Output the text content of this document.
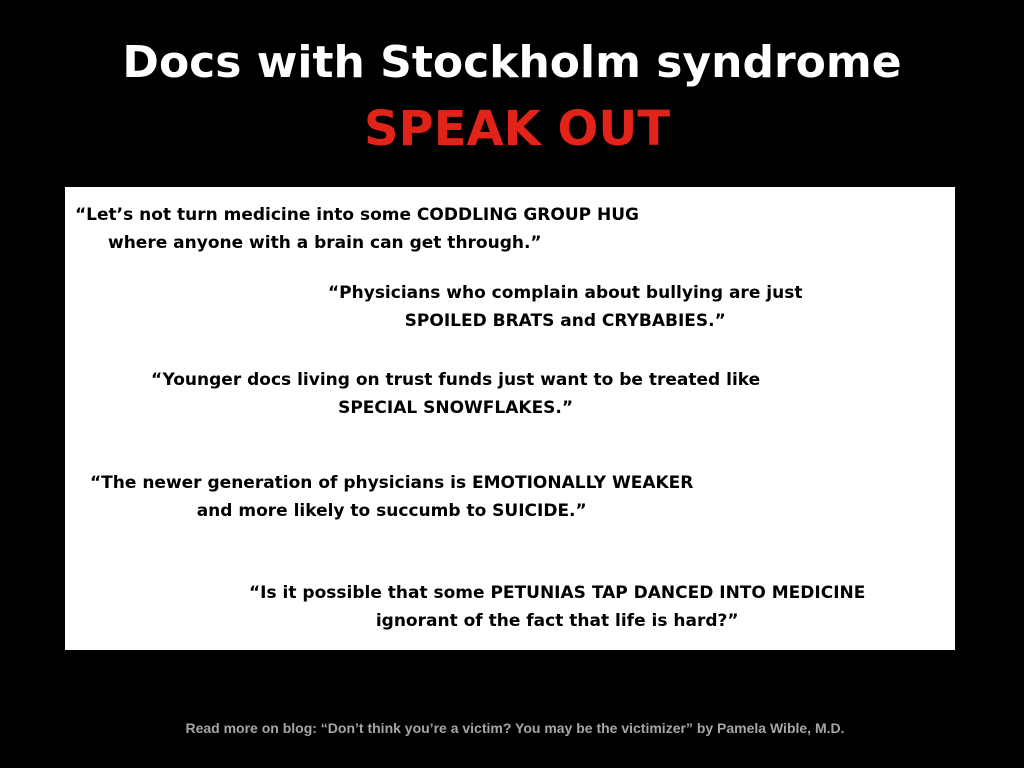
Docs with Stockholm syndrome
SPEAK OUT

“Let’s not turn medicine into some CODDLING GROUP HUG
where anyone with a brain can get through.”

“Physicians who complain about bullying are just
SPOILED BRATS and CRYBABIES.”

“Younger docs living on trust funds just want to be treated like
SPECIAL SNOWFLAKES.”

“The newer generation of physicians is EMOTIONALLY WEAKER
and more likely to succumb to SUICIDE.”

“Is it possible that some PETUNIAS TAP DANCED INTO MEDICINE
ignorant of the fact that life is hard?”

Read more on blog: “Don’t think you’re a victim? You may be the victimizer” by Pamela Wible, M.D.
